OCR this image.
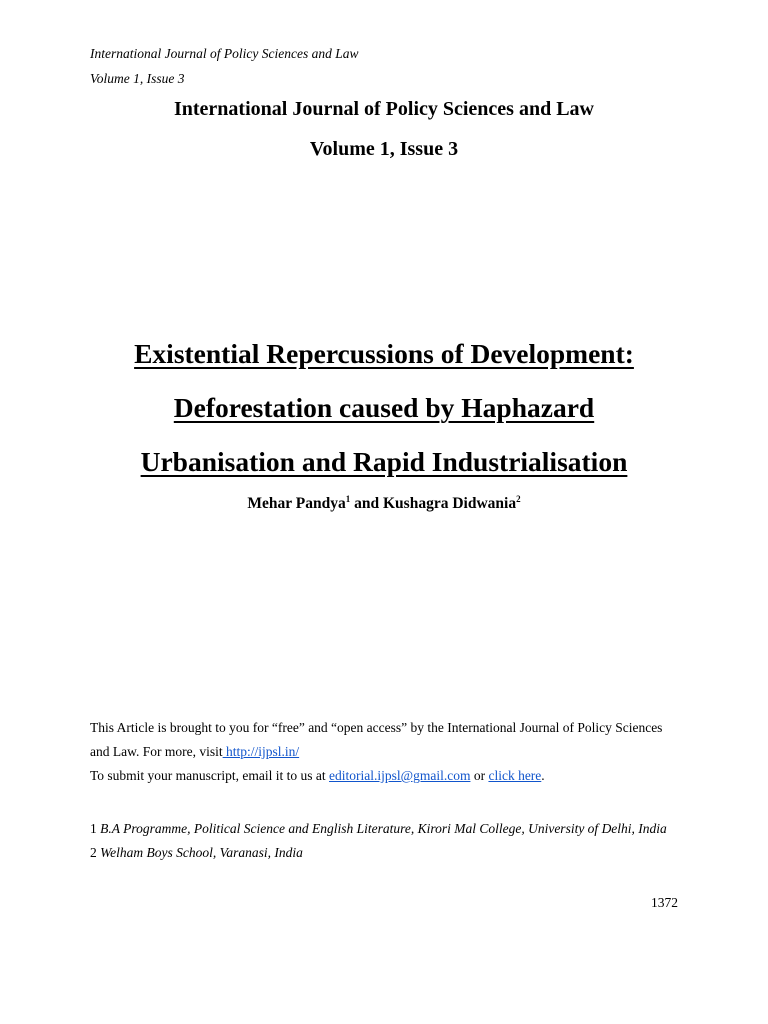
International Journal of Policy Sciences and Law
Volume 1, Issue 3
International Journal of Policy Sciences and Law
Volume 1, Issue 3
Existential Repercussions of Development:
Deforestation caused by Haphazard
Urbanisation and Rapid Industrialisation
Mehar Pandya$^1$ and Kushagra Didwania$^2$
This Article is brought to you for “free” and “open access” by the International Journal of Policy Sciences
and Law. For more, visit http://ijpsl.in/
To submit your manuscript, email it to us at editorial.ijpsl@gmail.com or click here.
1 B.A Programme, Political Science and English Literature, Kirori Mal College, University of Delhi, India
2 Welham Boys School, Varanasi, India
1372
